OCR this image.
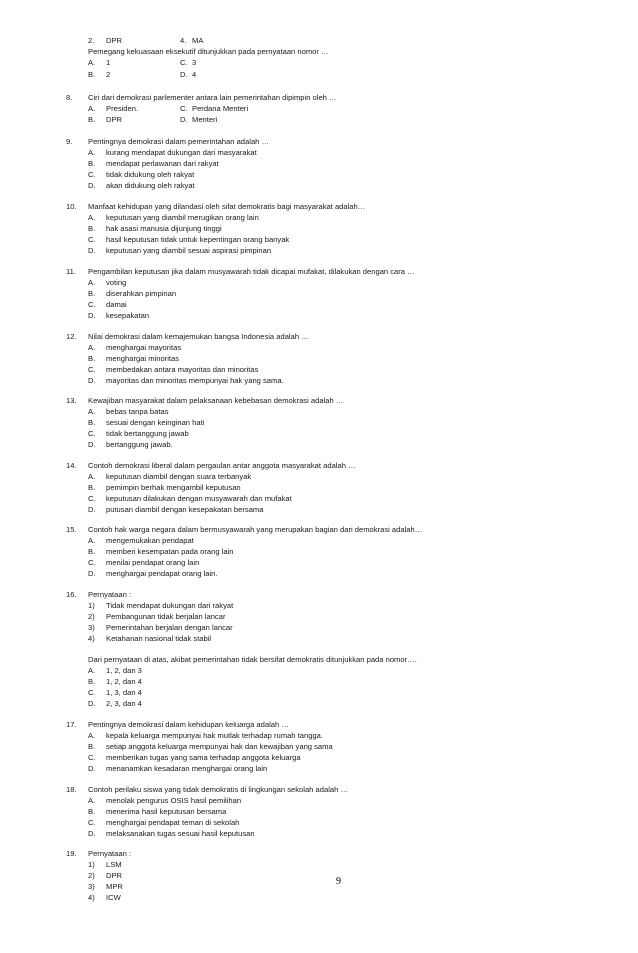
2. DPR	4. MA
Pemegang kekuasaan eksekutif ditunjukkan pada pernyataan nomor …
A. 1	C. 3
B. 2	D. 4
8. Ciri dari demokrasi parlementer antara lain pemerintahan dipimpin oleh …
A. Presiden.	C. Perdana Menteri
B. DPR	D. Menteri
9. Pentingnya demokrasi dalam pemerintahan adalah …
A. kurang mendapat dukungan dari masyarakat
B. mendapat perlawanan dari rakyat
C. tidak didukung oleh rakyat
D. akan didukung oleh rakyat
10. Manfaat kehidupan yang dilandasi oleh sifat demokratis bagi masyarakat adalah…
A. keputusan yang diambil merugikan orang lain
B. hak asasi manusia dijunjung tinggi
C. hasil keputusan tidak untuk kepentingan orang banyak
D. keputusan yang diambil sesuai aspirasi pimpinan
11. Pengambilan keputusan jika dalam musyawarah tidak dicapai mufakat, dilakukan dengan cara …
A. voting
B. diserahkan pimpinan
C. damai
D. kesepakatan
12. Nilai demokrasi dalam kemajemukan bangsa Indonesia adalah …
A. menghargai mayoritas
B. menghargai minoritas
C. membedakan antara mayoritas dan minoritas
D. mayoritas dan minoritas mempunyai hak yang sama.
13. Kewajiban masyarakat dalam pelaksanaan kebebasan demokrasi adalah …
A. bebas tanpa batas
B. sesuai dengan keinginan hati
C. tidak bertanggung jawab
D. bertanggung jawab.
14. Contoh demokrasi liberal dalam pergaulan antar anggota masyarakat adalah …
A. keputusan diambil dengan suara terbanyak
B. pemimpin berhak mengambil keputusan
C. keputusan dilakukan dengan musyawarah dan mufakat
D. putusan diambil dengan kesepakatan bersama
15. Contoh hak warga negara dalam bermusyawarah yang merupakan bagian dari demokrasi adalah…
A. mengemukakan pendapat
B. memberi kesempatan pada orang lain
C. menilai pendapat orang lain
D. menghargai pendapat orang lain.
16. Pernyataan :
1) Tidak mendapat dukungan dari rakyat
2) Pembangunan tidak berjalan lancar
3) Pemerintahan berjalan dengan lancar
4) Ketahanan nasional tidak stabil
Dari pernyataan di atas, akibat pemerintahan tidak bersifat demokratis ditunjukkan pada nomor….
A. 1, 2, dan 3
B. 1, 2, dan 4
C. 1, 3, dan 4
D. 2, 3, dan 4
17. Pentingnya demokrasi dalam kehidupan keluarga adalah …
A. kepala keluarga mempunyai hak mutlak terhadap rumah tangga.
B. setiap anggota keluarga mempunyai hak dan kewajiban yang sama
C. memberikan tugas yang sama terhadap anggota keluarga
D. menanamkan kesadaran menghargai orang lain
18. Contoh perilaku siswa yang tidak demokratis di lingkungan sekolah adalah …
A. menolak pengurus OSIS hasil pemilihan
B. menerima hasil keputusan bersama
C. menghargai pendapat teman di sekolah
D. melaksanakan tugas sesuai hasil keputusan
19. Pernyataan :
1) LSM
2) DPR
3) MPR
4) ICW
9
